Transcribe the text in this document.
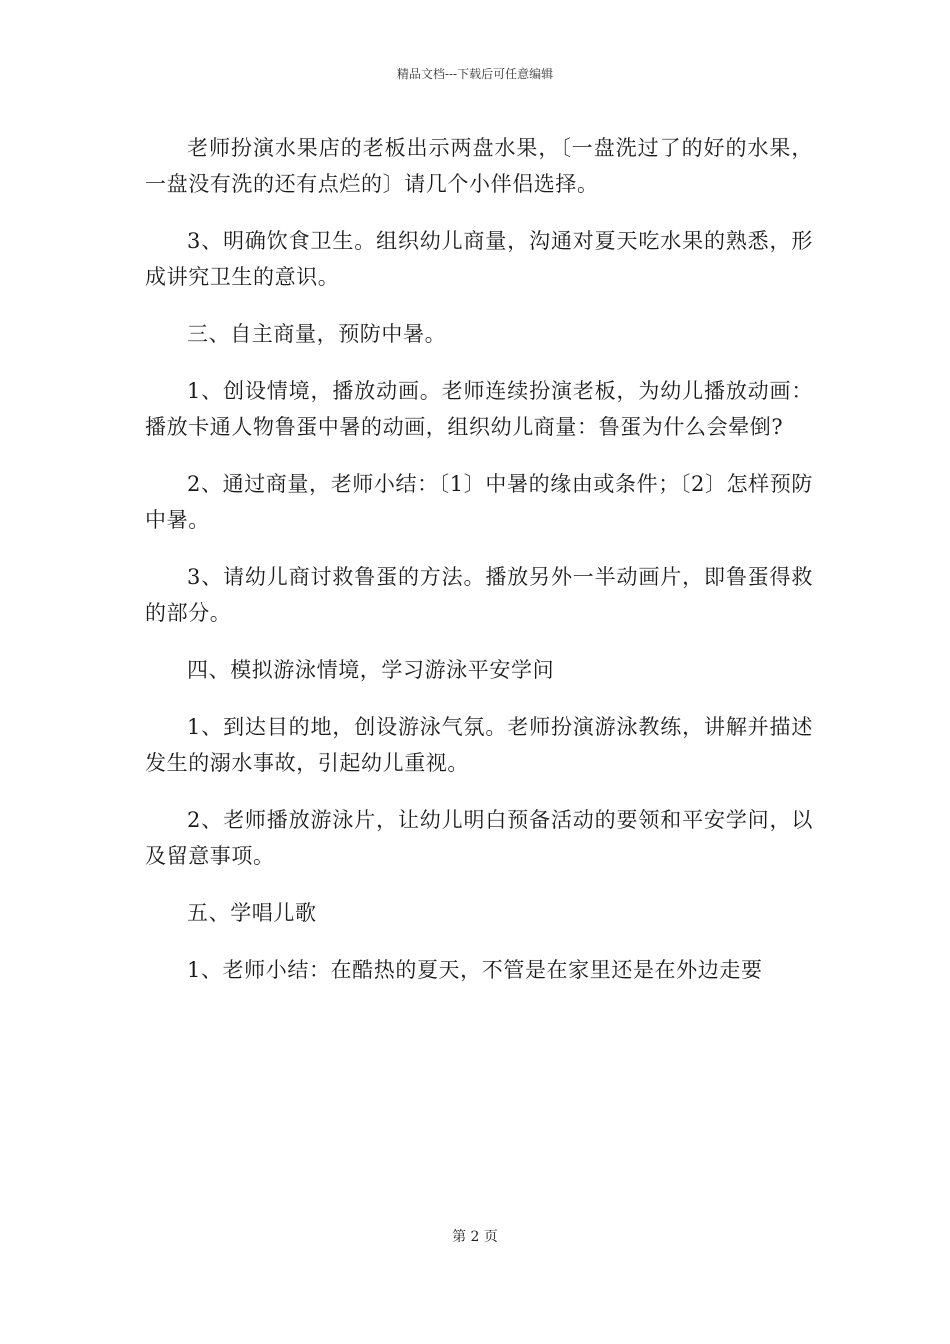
精品文档---下载后可任意编辑

老师扮演水果店的老板出示两盘水果，〔一盘洗过了的好的水果，一盘没有洗的还有点烂的〕请几个小伴侣选择。

3、明确饮食卫生。组织幼儿商量，沟通对夏天吃水果的熟悉，形成讲究卫生的意识。

三、自主商量，预防中暑。

1、创设情境，播放动画。老师连续扮演老板，为幼儿播放动画：播放卡通人物鲁蛋中暑的动画，组织幼儿商量：鲁蛋为什么会晕倒?

2、通过商量，老师小结：〔1〕中暑的缘由或条件；〔2〕怎样预防中暑。

3、请幼儿商讨救鲁蛋的方法。播放另外一半动画片，即鲁蛋得救的部分。

四、模拟游泳情境，学习游泳平安学问

1、到达目的地，创设游泳气氛。老师扮演游泳教练，讲解并描述发生的溺水事故，引起幼儿重视。

2、老师播放游泳片，让幼儿明白预备活动的要领和平安学问，以及留意事项。

五、学唱儿歌

1、老师小结：在酷热的夏天，不管是在家里还是在外边走要

第 2 页
